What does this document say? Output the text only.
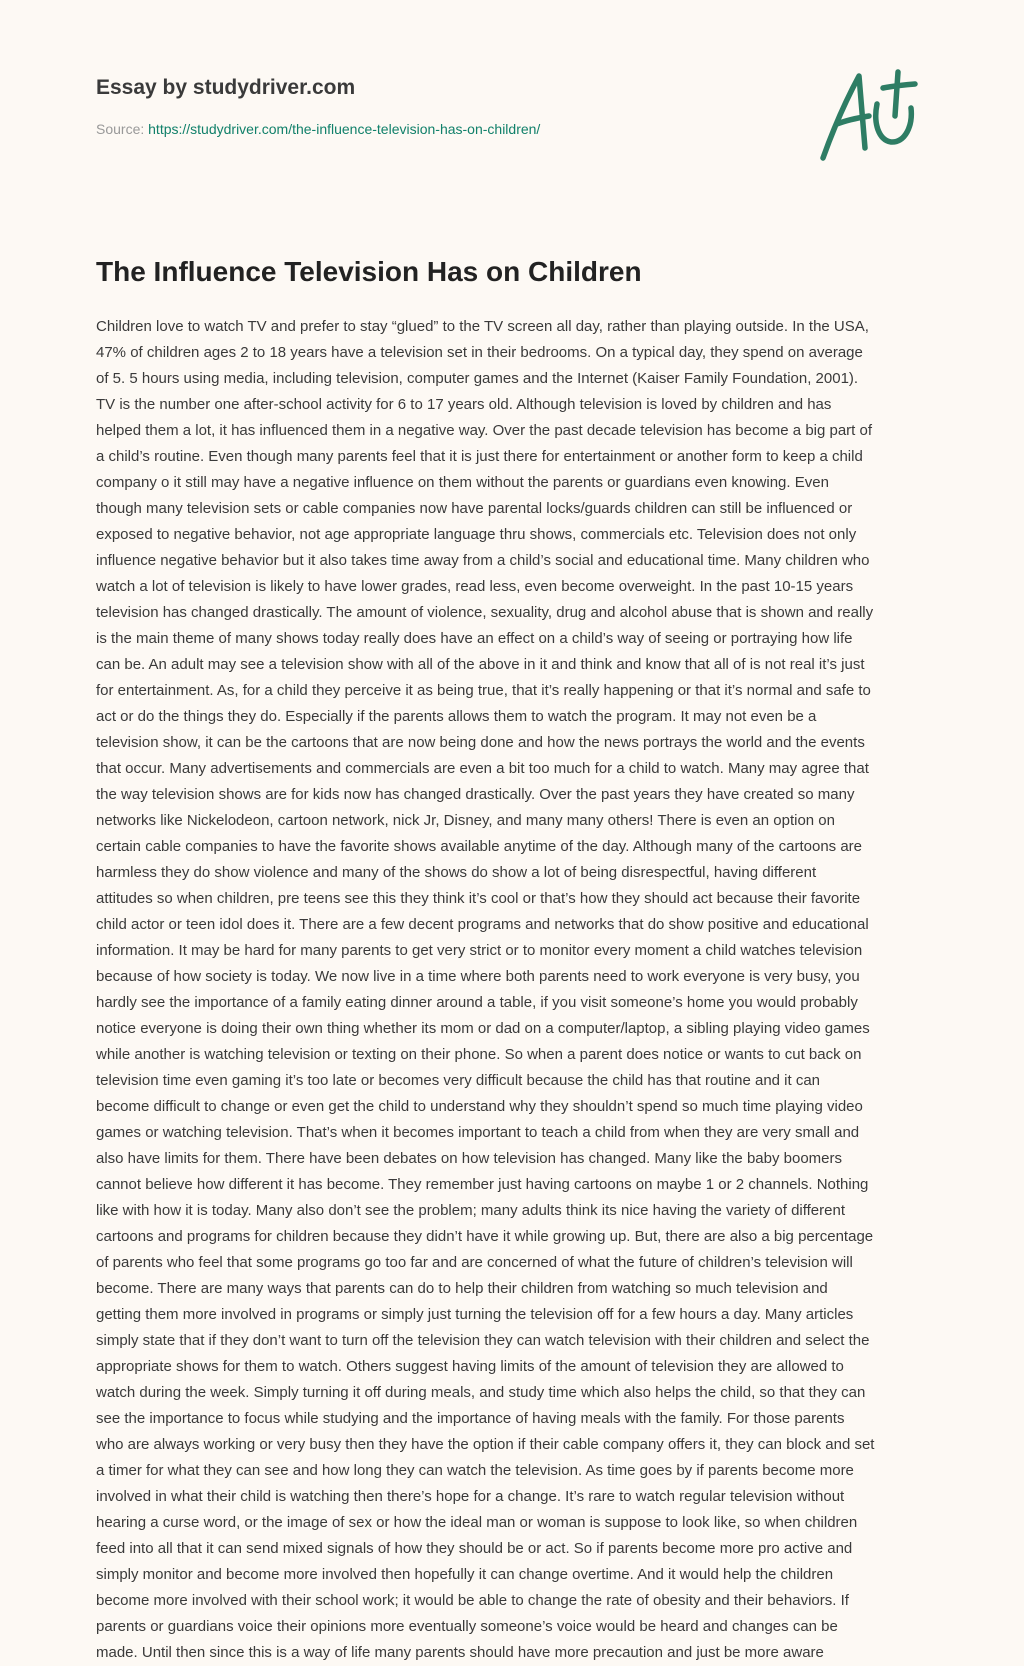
Essay by studydriver.com
Source: https://studydriver.com/the-influence-television-has-on-children/
The Influence Television Has on Children
Children love to watch TV and prefer to stay “glued” to the TV screen all day, rather than playing outside. In the USA,
47% of children ages 2 to 18 years have a television set in their bedrooms. On a typical day, they spend on average
of 5. 5 hours using media, including television, computer games and the Internet (Kaiser Family Foundation, 2001).
TV is the number one after-school activity for 6 to 17 years old. Although television is loved by children and has
helped them a lot, it has influenced them in a negative way. Over the past decade television has become a big part of
a child’s routine. Even though many parents feel that it is just there for entertainment or another form to keep a child
company o it still may have a negative influence on them without the parents or guardians even knowing. Even
though many television sets or cable companies now have parental locks/guards children can still be influenced or
exposed to negative behavior, not age appropriate language thru shows, commercials etc. Television does not only
influence negative behavior but it also takes time away from a child’s social and educational time. Many children who
watch a lot of television is likely to have lower grades, read less, even become overweight. In the past 10-15 years
television has changed drastically. The amount of violence, sexuality, drug and alcohol abuse that is shown and really
is the main theme of many shows today really does have an effect on a child’s way of seeing or portraying how life
can be. An adult may see a television show with all of the above in it and think and know that all of is not real it’s just
for entertainment. As, for a child they perceive it as being true, that it’s really happening or that it’s normal and safe to
act or do the things they do. Especially if the parents allows them to watch the program. It may not even be a
television show, it can be the cartoons that are now being done and how the news portrays the world and the events
that occur. Many advertisements and commercials are even a bit too much for a child to watch. Many may agree that
the way television shows are for kids now has changed drastically. Over the past years they have created so many
networks like Nickelodeon, cartoon network, nick Jr, Disney, and many many others! There is even an option on
certain cable companies to have the favorite shows available anytime of the day. Although many of the cartoons are
harmless they do show violence and many of the shows do show a lot of being disrespectful, having different
attitudes so when children, pre teens see this they think it’s cool or that’s how they should act because their favorite
child actor or teen idol does it. There are a few decent programs and networks that do show positive and educational
information. It may be hard for many parents to get very strict or to monitor every moment a child watches television
because of how society is today. We now live in a time where both parents need to work everyone is very busy, you
hardly see the importance of a family eating dinner around a table, if you visit someone’s home you would probably
notice everyone is doing their own thing whether its mom or dad on a computer/laptop, a sibling playing video games
while another is watching television or texting on their phone. So when a parent does notice or wants to cut back on
television time even gaming it’s too late or becomes very difficult because the child has that routine and it can
become difficult to change or even get the child to understand why they shouldn’t spend so much time playing video
games or watching television. That’s when it becomes important to teach a child from when they are very small and
also have limits for them. There have been debates on how television has changed. Many like the baby boomers
cannot believe how different it has become. They remember just having cartoons on maybe 1 or 2 channels. Nothing
like with how it is today. Many also don’t see the problem; many adults think its nice having the variety of different
cartoons and programs for children because they didn’t have it while growing up. But, there are also a big percentage
of parents who feel that some programs go too far and are concerned of what the future of children’s television will
become. There are many ways that parents can do to help their children from watching so much television and
getting them more involved in programs or simply just turning the television off for a few hours a day. Many articles
simply state that if they don’t want to turn off the television they can watch television with their children and select the
appropriate shows for them to watch. Others suggest having limits of the amount of television they are allowed to
watch during the week. Simply turning it off during meals, and study time which also helps the child, so that they can
see the importance to focus while studying and the importance of having meals with the family. For those parents
who are always working or very busy then they have the option if their cable company offers it, they can block and set
a timer for what they can see and how long they can watch the television. As time goes by if parents become more
involved in what their child is watching then there’s hope for a change. It’s rare to watch regular television without
hearing a curse word, or the image of sex or how the ideal man or woman is suppose to look like, so when children
feed into all that it can send mixed signals of how they should be or act. So if parents become more pro active and
simply monitor and become more involved then hopefully it can change overtime. And it would help the children
become more involved with their school work; it would be able to change the rate of obesity and their behaviors. If
parents or guardians voice their opinions more eventually someone’s voice would be heard and changes can be
made. Until then since this is a way of life many parents should have more precaution and just be more aware
